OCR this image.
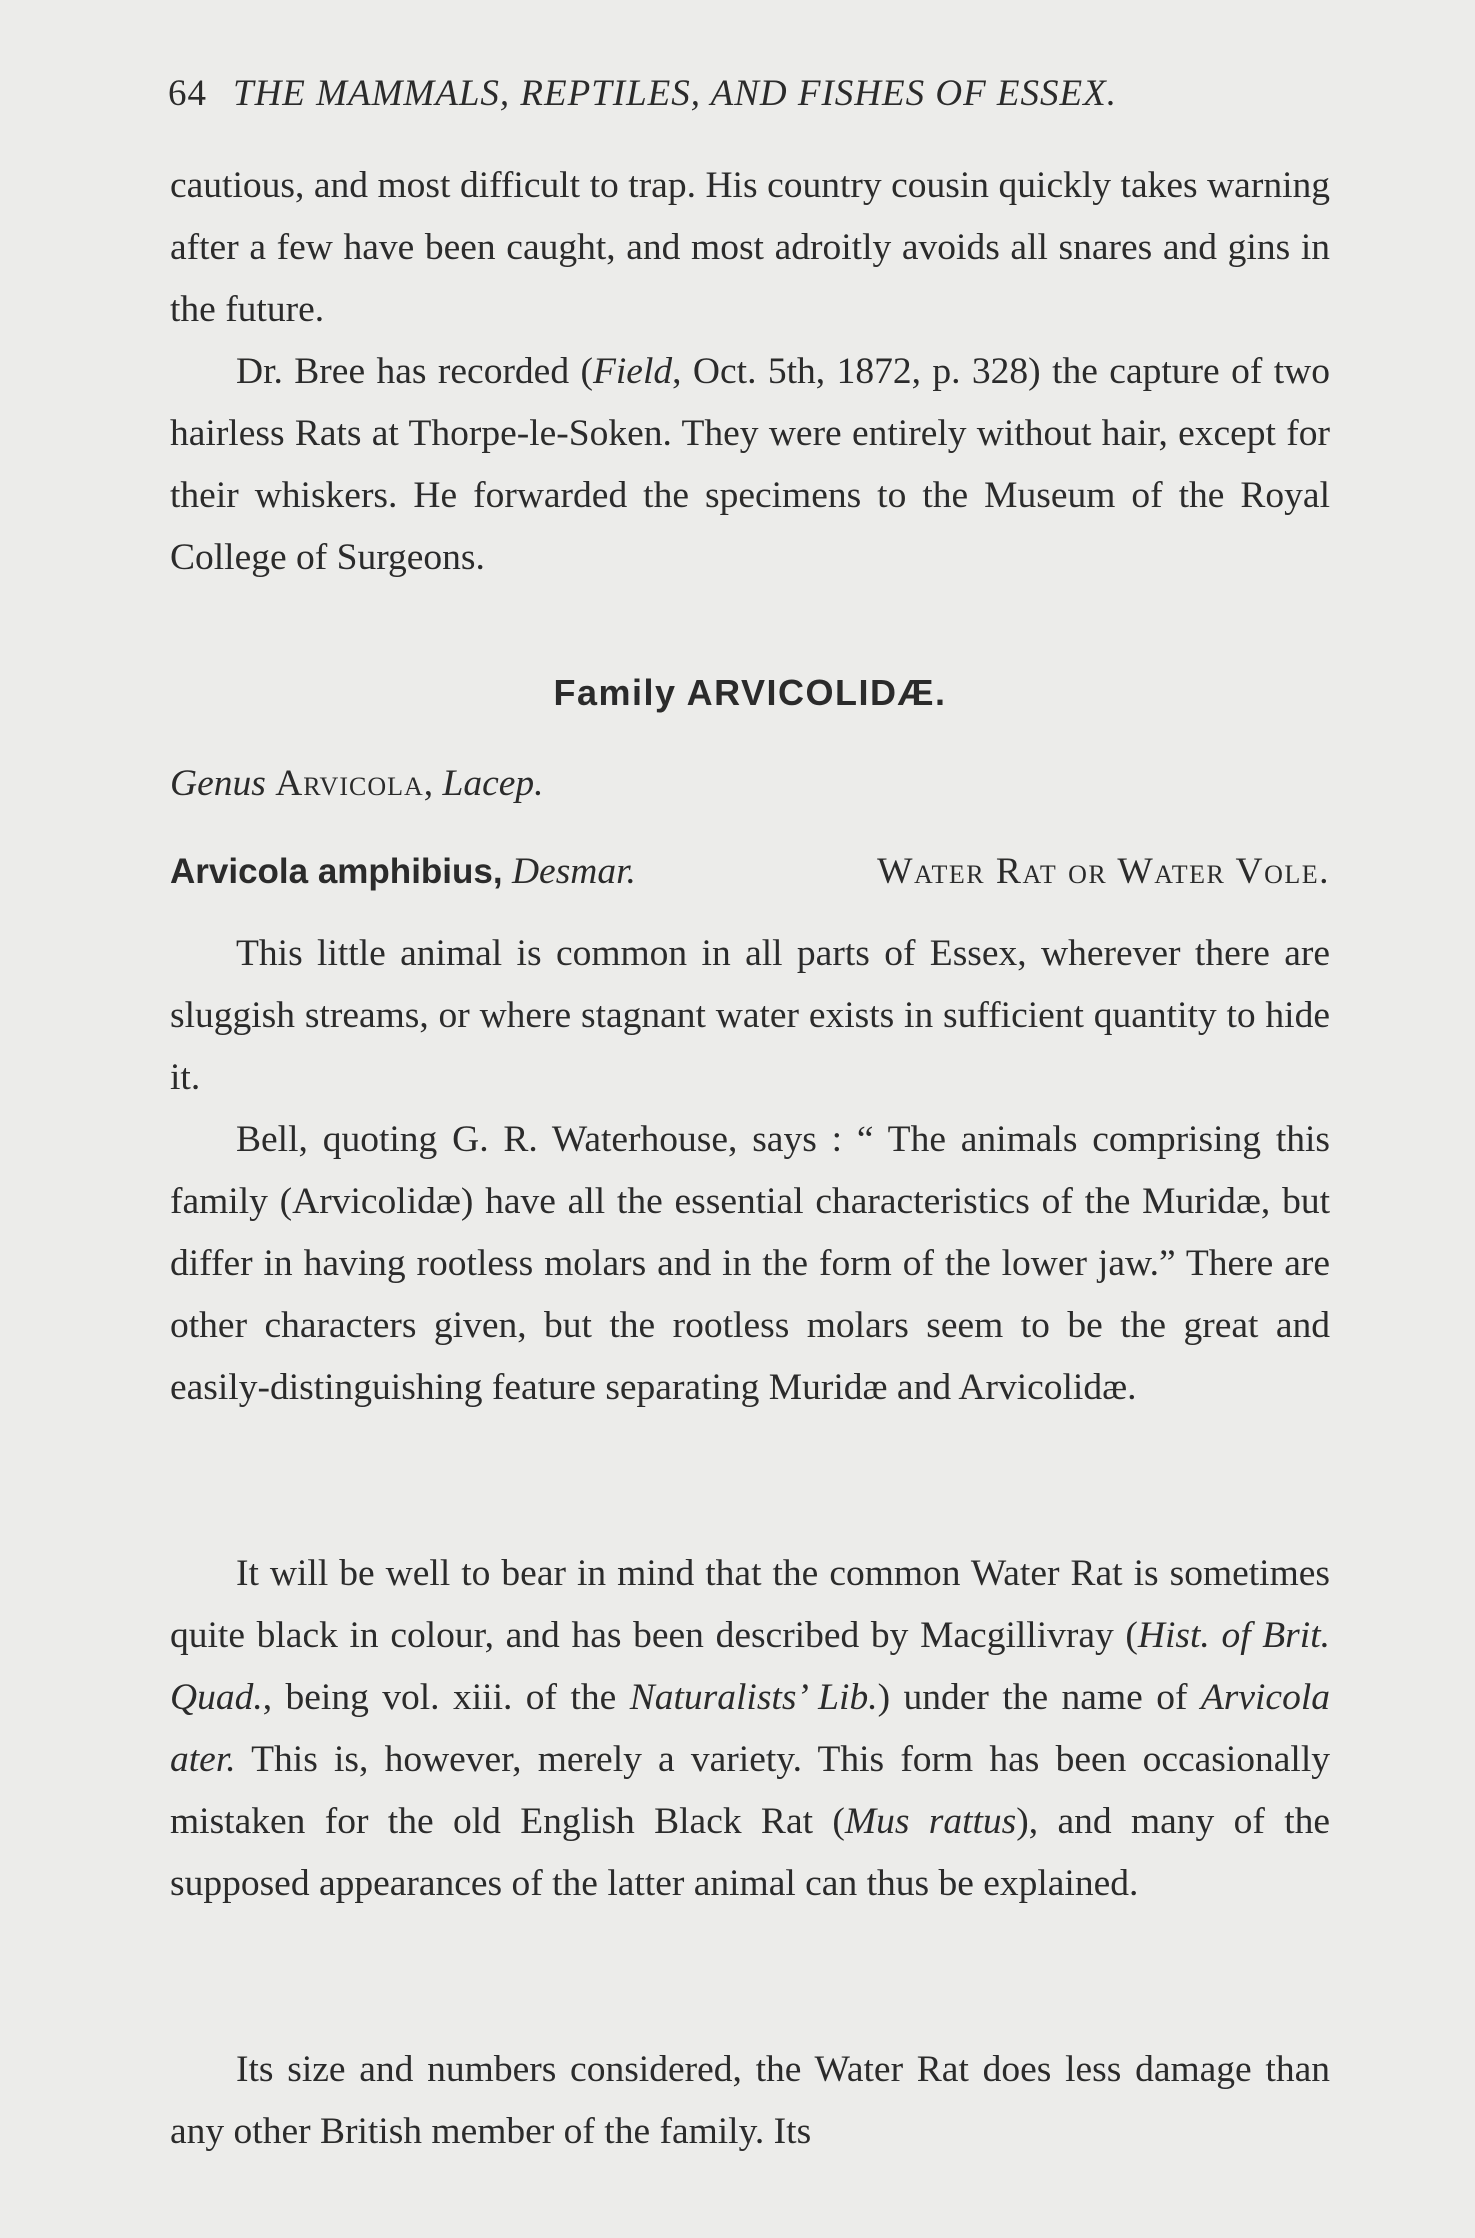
64 THE MAMMALS, REPTILES, AND FISHES OF ESSEX.

cautious, and most difficult to trap. His country cousin quickly takes warning after a few have been caught, and most adroitly avoids all snares and gins in the future.

Dr. Bree has recorded (Field, Oct. 5th, 1872, p. 328) the capture of two hairless Rats at Thorpe-le-Soken. They were entirely without hair, except for their whiskers. He forwarded the specimens to the Museum of the Royal College of Surgeons.

Family ARVICOLIDÆ.
Genus Arvicola, Lacep.
Arvicola amphibius, Desmar.	Water Rat or Water Vole.

This little animal is common in all parts of Essex, wherever there are sluggish streams, or where stagnant water exists in sufficient quantity to hide it.

Bell, quoting G. R. Waterhouse, says : “ The animals comprising this family (Arvicolidæ) have all the essential characteristics of the Muridæ, but differ in having rootless molars and in the form of the lower jaw.” There are other characters given, but the rootless molars seem to be the great and easily-distinguishing feature separating Muridæ and Arvicolidæ.

It will be well to bear in mind that the common Water Rat is sometimes quite black in colour, and has been described by Macgillivray (Hist. of Brit. Quad., being vol. xiii. of the Naturalists’ Lib.) under the name of Arvicola ater. This is, however, merely a variety. This form has been occasionally mistaken for the old English Black Rat (Mus rattus), and many of the supposed appearances of the latter animal can thus be explained.

Its size and numbers considered, the Water Rat does less damage than any other British member of the family. Its
